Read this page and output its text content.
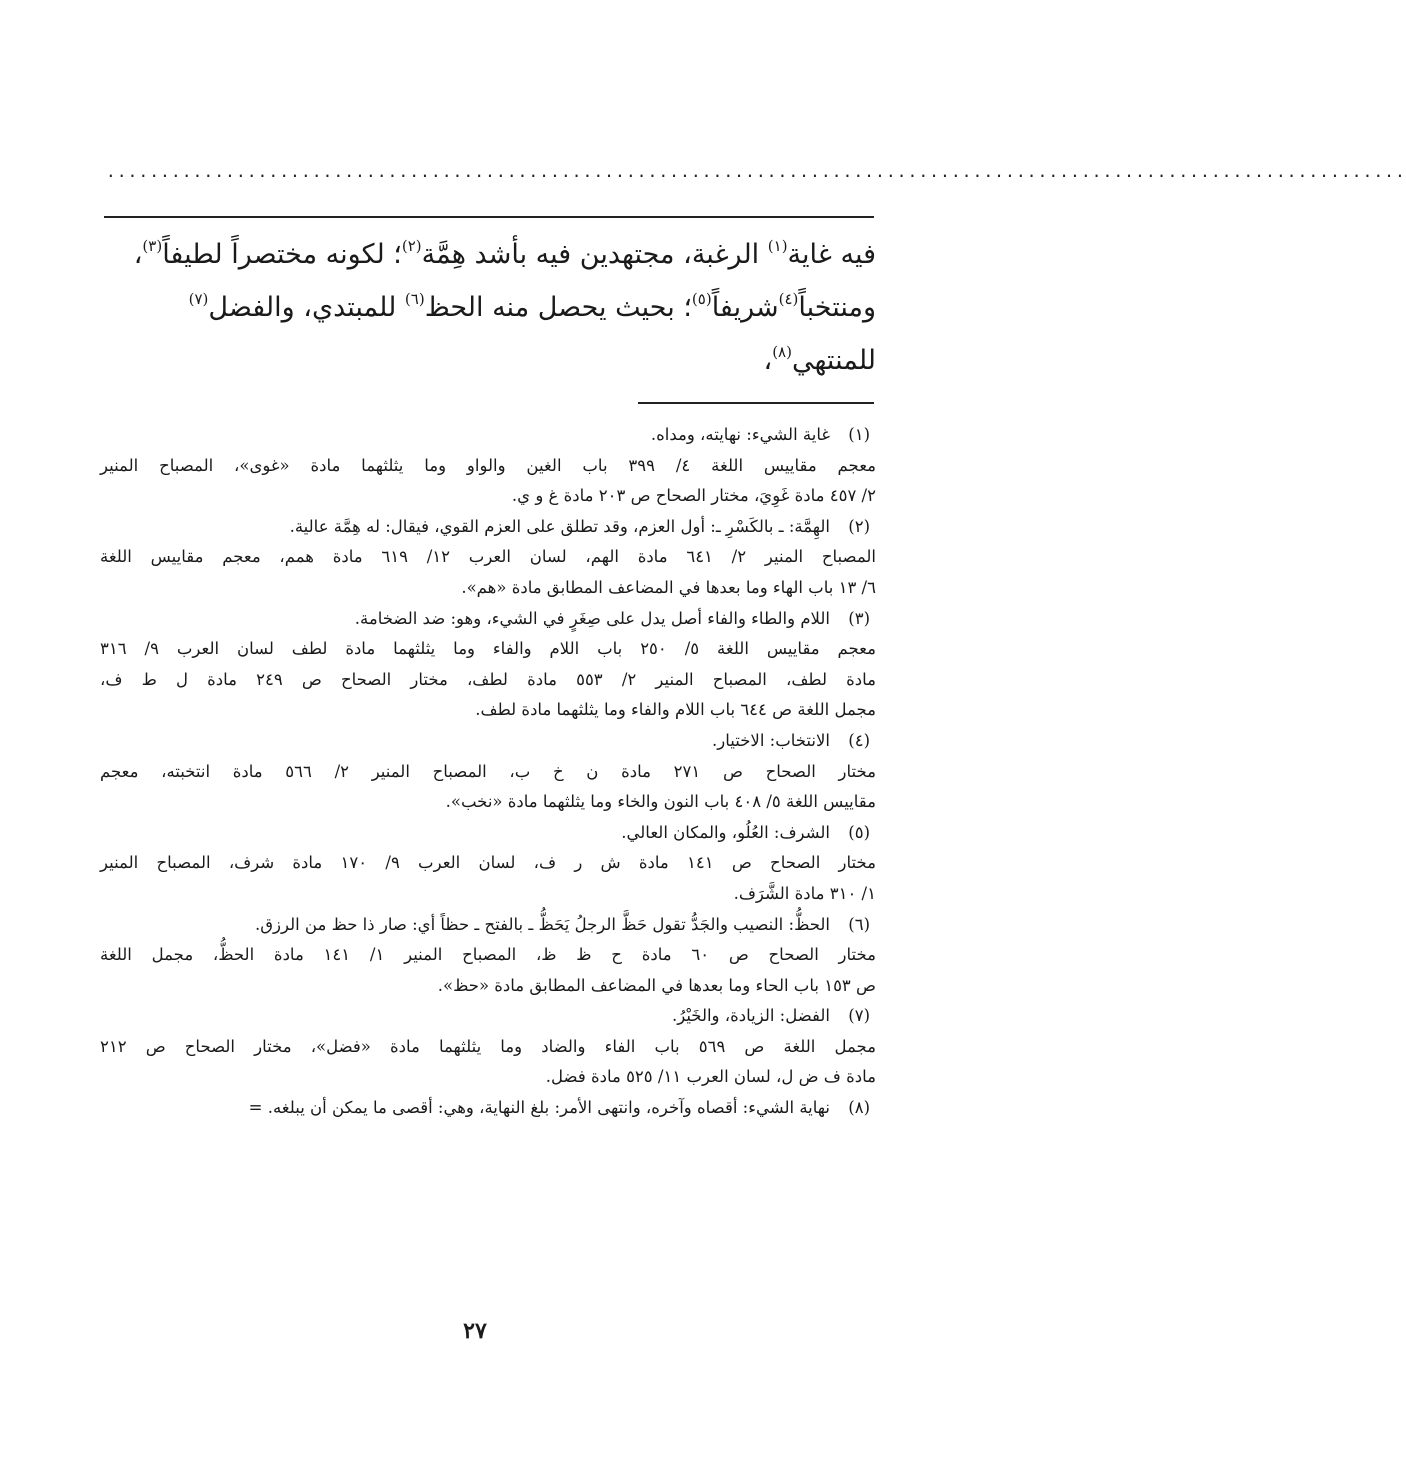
........................................................................................................................
فيه غاية$^{(١)}$ الرغبة، مجتهدين فيه بأشد هِمَّة$^{(٢)}$؛ لكونه مختصراً لطيفاً$^{(٣)}$،
ومنتخباً$^{(٤)}$شريفاً$^{(٥)}$؛ بحيث يحصل منه الحظ$^{(٦)}$ للمبتدي، والفضل$^{(٧)}$
للمنتهي$^{(٨)}$،
(١)
غاية الشيء: نهايته، ومداه.
معجم مقاييس اللغة ٤/ ٣٩٩ باب الغين والواو وما يثلثهما مادة «غوى»، المصباح المنير
٢/ ٤٥٧ مادة غَوِيَ، مختار الصحاح ص ٢٠٣ مادة غ و ي.
(٢)
الهِمَّة: ـ بالكَسْرِ ـ: أول العزم، وقد تطلق على العزم القوي، فيقال: له هِمَّة عالية.
المصباح المنير ٢/ ٦٤١ مادة الهم، لسان العرب ١٢/ ٦١٩ مادة همم، معجم مقاييس اللغة
٦/ ١٣ باب الهاء وما بعدها في المضاعف المطابق مادة «هم».
(٣)
اللام والطاء والفاء أصل يدل على صِغَرٍ في الشيء، وهو: ضد الضخامة.
معجم مقاييس اللغة ٥/ ٢٥٠ باب اللام والفاء وما يثلثهما مادة لطف لسان العرب ٩/ ٣١٦
مادة لطف، المصباح المنير ٢/ ٥٥٣ مادة لطف، مختار الصحاح ص ٢٤٩ مادة ل ط ف،
مجمل اللغة ص ٦٤٤ باب اللام والفاء وما يثلثهما مادة لطف.
(٤)
الانتخاب: الاختيار.
مختار الصحاح ص ٢٧١ مادة ن خ ب، المصباح المنير ٢/ ٥٦٦ مادة انتخبته، معجم
مقاييس اللغة ٥/ ٤٠٨ باب النون والخاء وما يثلثهما مادة «نخب».
(٥)
الشرف: العُلُو، والمكان العالي.
مختار الصحاح ص ١٤١ مادة ش ر ف، لسان العرب ٩/ ١٧٠ مادة شرف، المصباح المنير
١/ ٣١٠ مادة الشَّرَف.
(٦)
الحظُّ: النصيب والجَدُّ تقول حَظَّ الرجلُ يَحَظُّ ـ بالفتح ـ حظاً أي: صار ذا حظ من الرزق.
مختار الصحاح ص ٦٠ مادة ح ظ ظ، المصباح المنير ١/ ١٤١ مادة الحظُّ، مجمل اللغة
ص ١٥٣ باب الحاء وما بعدها في المضاعف المطابق مادة «حظ».
(٧)
الفضل: الزيادة، والخَيْرُ.
مجمل اللغة ص ٥٦٩ باب الفاء والضاد وما يثلثهما مادة «فضل»، مختار الصحاح ص ٢١٢
مادة ف ض ل، لسان العرب ١١/ ٥٢٥ مادة فضل.
(٨)
نهاية الشيء: أقصاه وآخره، وانتهى الأمر: بلغ النهاية، وهي: أقصى ما يمكن أن يبلغه. =
٢٧
